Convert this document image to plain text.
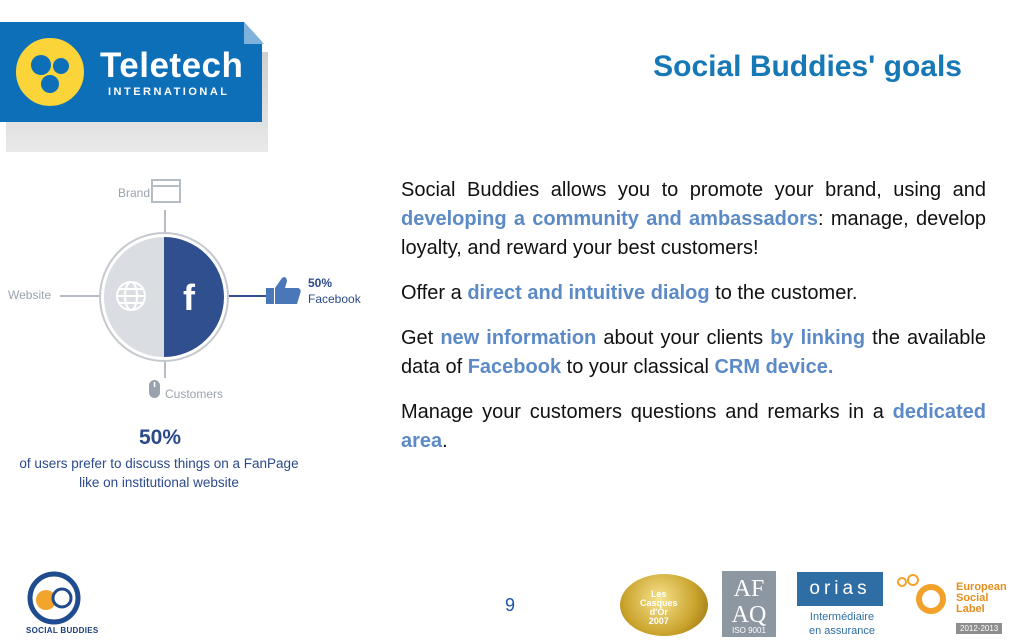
Teletech
INTERNATIONAL
Social Buddies' goals
f
Brand
Website
Customers
50%
Facebook
50%
of users prefer to discuss things on a FanPage
like on institutional website

Social Buddies allows you to promote your brand, using and developing a community and ambassadors: manage, develop loyalty, and reward your best customers!

Offer a direct and intuitive dialog to the customer.

Get new information about your clients by linking the available data of Facebook to your classical CRM device.

Manage your customers questions and remarks in a dedicated area.

SOCIAL BUDDIES
9
Les
Casques
d'Or
2007
AF
AQ
ISO 9001
orias
Intermédiaire
en assurance
European
Social
Label
2012-2013
